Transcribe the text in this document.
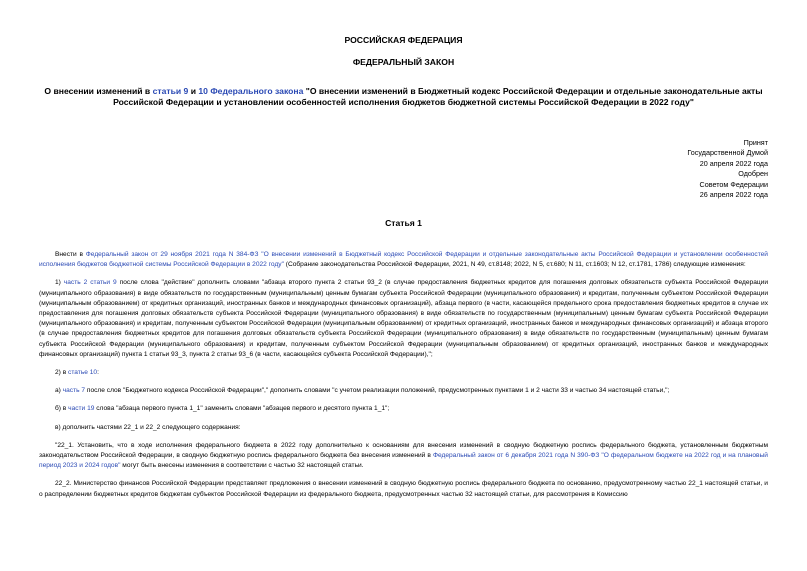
РОССИЙСКАЯ ФЕДЕРАЦИЯ
ФЕДЕРАЛЬНЫЙ ЗАКОН
О внесении изменений в статьи 9 и 10 Федерального закона "О внесении изменений в Бюджетный кодекс Российской Федерации и отдельные законодательные акты Российской Федерации и установлении особенностей исполнения бюджетов бюджетной системы Российской Федерации в 2022 году"
Принят
Государственной Думой
20 апреля 2022 года
Одобрен
Советом Федерации
26 апреля 2022 года
Статья 1

Внести в Федеральный закон от 29 ноября 2021 года N 384-ФЗ "О внесении изменений в Бюджетный кодекс Российской Федерации и отдельные законодательные акты Российской Федерации и установлении особенностей исполнения бюджетов бюджетной системы Российской Федерации в 2022 году" (Собрание законодательства Российской Федерации, 2021, N 49, ст.8148; 2022, N 5, ст.680; N 11, ст.1603; N 12, ст.1781, 1786) следующие изменения:

1) часть 2 статьи 9 после слова "действие" дополнить словами "абзаца второго пункта 2 статьи 93_2 (в случае предоставления бюджетных кредитов для погашения долговых обязательств субъекта Российской Федерации (муниципального образования) в виде обязательств по государственным (муниципальным) ценным бумагам субъекта Российской Федерации (муниципального образования) и кредитам, полученным субъектом Российской Федерации (муниципальным образованием) от кредитных организаций, иностранных банков и международных финансовых организаций), абзаца первого (в части, касающейся предельного срока предоставления бюджетных кредитов в случае их предоставления для погашения долговых обязательств субъекта Российской Федерации (муниципального образования) в виде обязательств по государственным (муниципальным) ценным бумагам субъекта Российской Федерации (муниципального образования) и кредитам, полученным субъектом Российской Федерации (муниципальным образованием) от кредитных организаций, иностранных банков и международных финансовых организаций) и абзаца второго (в случае предоставления бюджетных кредитов для погашения долговых обязательств субъекта Российской Федерации (муниципального образования) в виде обязательств по государственным (муниципальным) ценным бумагам субъекта Российской Федерации (муниципального образования) и кредитам, полученным субъектом Российской Федерации (муниципальным образованием) от кредитных организаций, иностранных банков и международных финансовых организаций) пункта 1 статьи 93_3, пункта 2 статьи 93_6 (в части, касающейся субъекта Российской Федерации),";

2) в статье 10:

а) часть 7 после слов "Бюджетного кодекса Российской Федерации"," дополнить словами "с учетом реализации положений, предусмотренных пунктами 1 и 2 части 33 и частью 34 настоящей статьи,";

б) в части 19 слова "абзаца первого пункта 1_1" заменить словами "абзацев первого и десятого пункта 1_1";

в) дополнить частями 22_1 и 22_2 следующего содержания:

"22_1. Установить, что в ходе исполнения федерального бюджета в 2022 году дополнительно к основаниям для внесения изменений в сводную бюджетную роспись федерального бюджета, установленным бюджетным законодательством Российской Федерации, в сводную бюджетную роспись федерального бюджета без внесения изменений в Федеральный закон от 6 декабря 2021 года N 390-ФЗ "О федеральном бюджете на 2022 год и на плановый период 2023 и 2024 годов" могут быть внесены изменения в соответствии с частью 32 настоящей статьи.

22_2. Министерство финансов Российской Федерации представляет предложения о внесении изменений в сводную бюджетную роспись федерального бюджета по основанию, предусмотренному частью 22_1 настоящей статьи, и о распределении бюджетных кредитов бюджетам субъектов Российской Федерации из федерального бюджета, предусмотренных частью 32 настоящей статьи, для рассмотрения в Комиссию
